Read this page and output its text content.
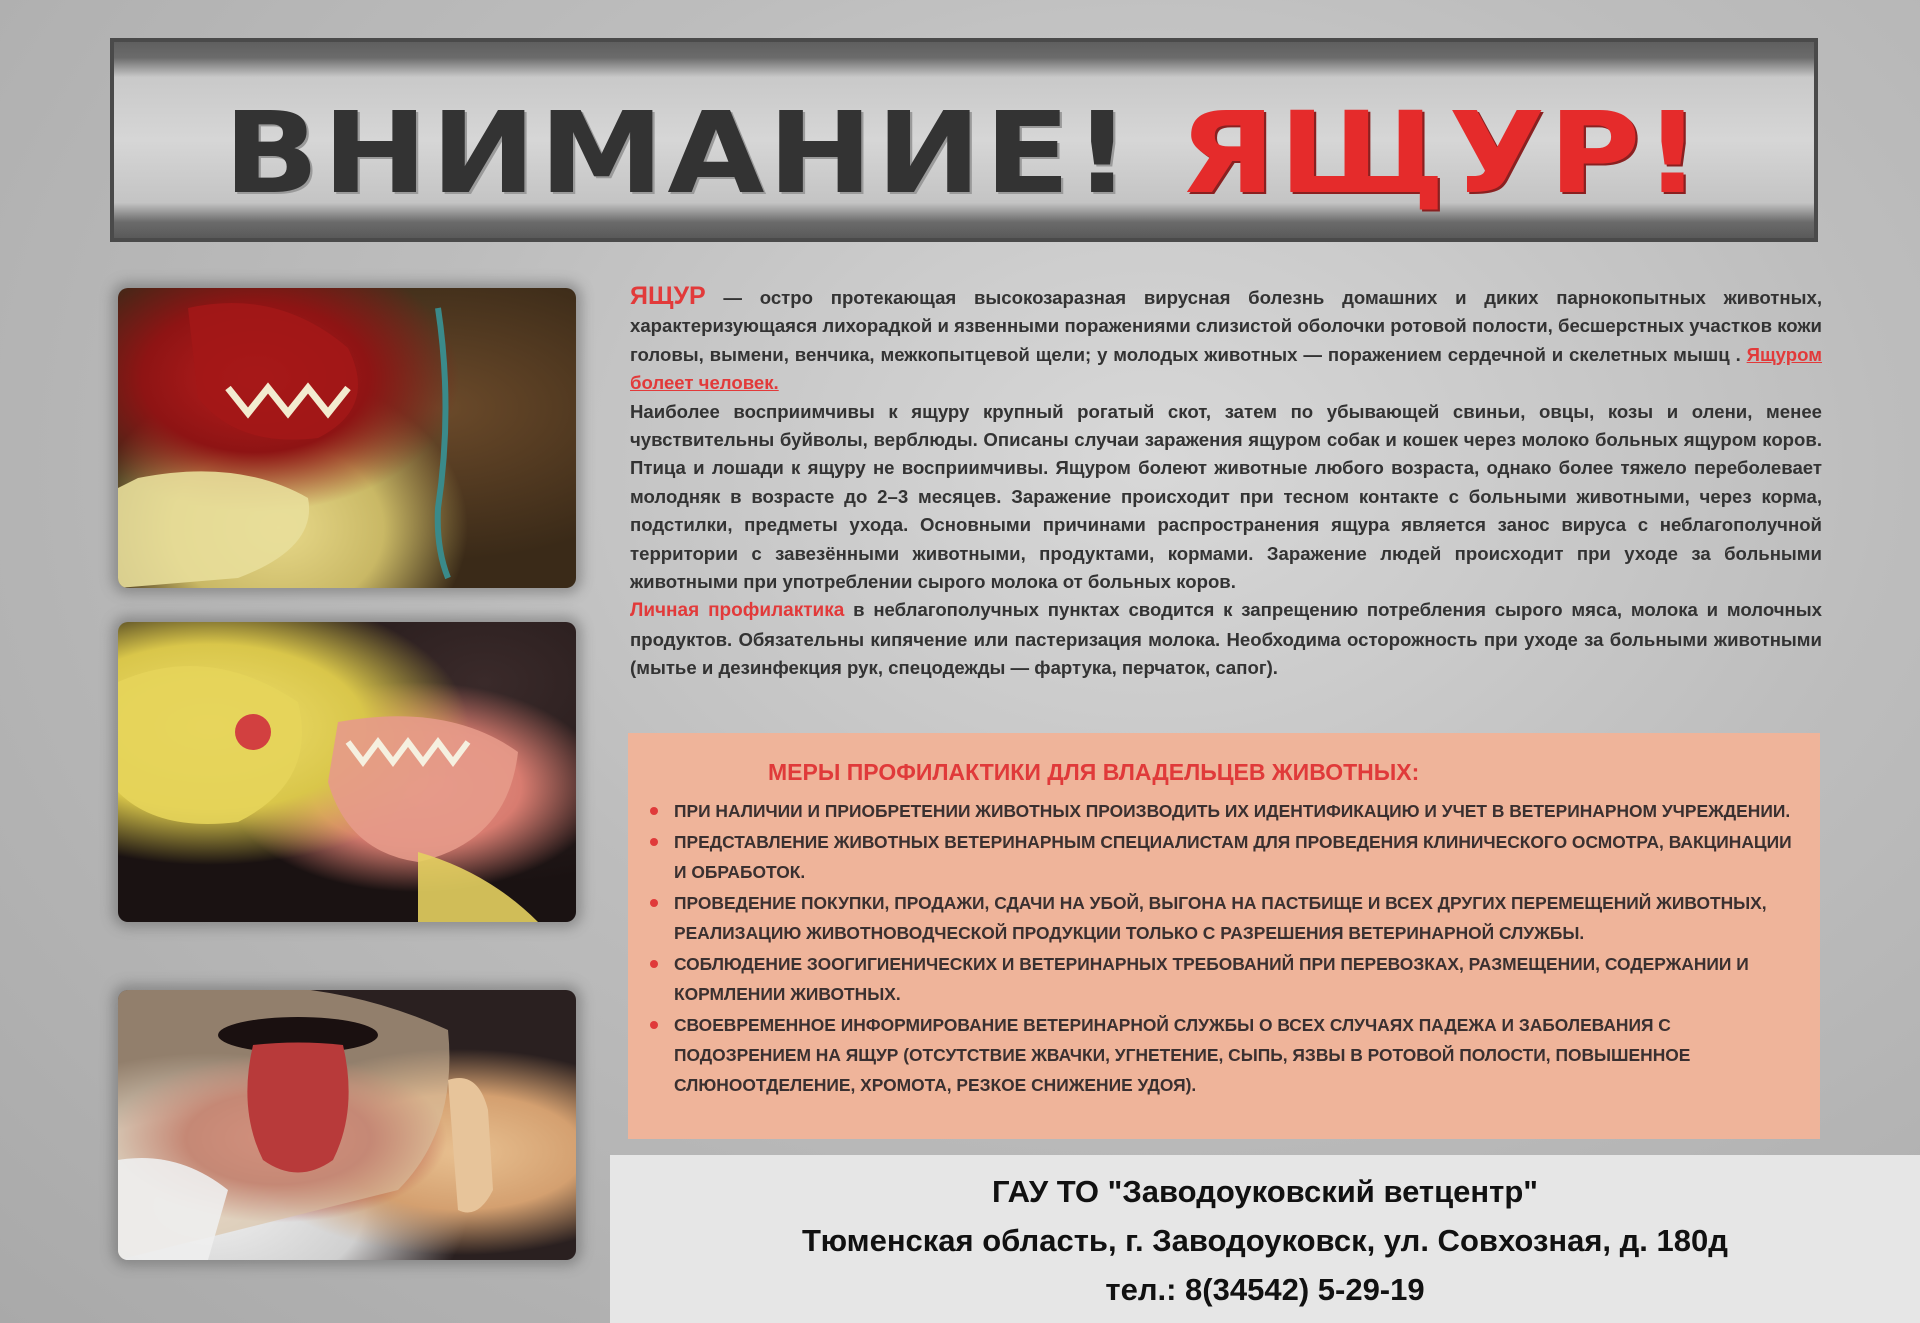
ВНИМАНИЕ! ЯЩУР!

ЯЩУР — остро протекающая высокозаразная вирусная болезнь домашних и диких парнокопытных животных, характеризующаяся лихорадкой и язвенными поражениями слизистой оболочки ротовой полости, бесшерстных участков кожи головы, вымени, венчика, межкопытцевой щели; у молодых животных — поражением сердечной и скелетных мышц . Ящуром болеет человек.

Наиболее восприимчивы к ящуру крупный рогатый скот, затем по убывающей свиньи, овцы, козы и олени, менее чувствительны буйволы, верблюды. Описаны случаи заражения ящуром собак и кошек через молоко больных ящуром коров. Птица и лошади к ящуру не восприимчивы. Ящуром болеют животные любого возраста, однако более тяжело переболевает молодняк в возрасте до 2–3 месяцев. Заражение происходит при тесном контакте с больными животными, через корма, подстилки, предметы ухода. Основными причинами распространения ящура является занос вируса с неблагополучной территории с завезёнными животными, продуктами, кормами. Заражение людей происходит при уходе за больными животными при употреблении сырого молока от больных коров.

Личная профилактика в неблагополучных пунктах сводится к запрещению потребления сырого мяса, молока и молочных продуктов. Обязательны кипячение или пастеризация молока. Необходима осторожность при уходе за больными животными (мытье и дезинфекция рук, спецодежды — фартука, перчаток, сапог).

МЕРЫ ПРОФИЛАКТИКИ ДЛЯ ВЛАДЕЛЬЦЕВ ЖИВОТНЫХ:
ПРИ НАЛИЧИИ И ПРИОБРЕТЕНИИ ЖИВОТНЫХ ПРОИЗВОДИТЬ ИХ ИДЕНТИФИКАЦИЮ И УЧЕТ В ВЕТЕРИНАРНОМ УЧРЕЖДЕНИИ.
ПРЕДСТАВЛЕНИЕ ЖИВОТНЫХ ВЕТЕРИНАРНЫМ СПЕЦИАЛИСТАМ ДЛЯ ПРОВЕДЕНИЯ КЛИНИЧЕСКОГО ОСМОТРА, ВАКЦИНАЦИИ И ОБРАБОТОК.
ПРОВЕДЕНИЕ ПОКУПКИ, ПРОДАЖИ, СДАЧИ НА УБОЙ, ВЫГОНА НА ПАСТБИЩЕ И ВСЕХ ДРУГИХ ПЕРЕМЕЩЕНИЙ ЖИВОТНЫХ, РЕАЛИЗАЦИЮ ЖИВОТНОВОДЧЕСКОЙ ПРОДУКЦИИ ТОЛЬКО С РАЗРЕШЕНИЯ ВЕТЕРИНАРНОЙ СЛУЖБЫ.
СОБЛЮДЕНИЕ ЗООГИГИЕНИЧЕСКИХ И ВЕТЕРИНАРНЫХ ТРЕБОВАНИЙ ПРИ ПЕРЕВОЗКАХ, РАЗМЕЩЕНИИ, СОДЕРЖАНИИ И КОРМЛЕНИИ ЖИВОТНЫХ.
СВОЕВРЕМЕННОЕ ИНФОРМИРОВАНИЕ ВЕТЕРИНАРНОЙ СЛУЖБЫ О ВСЕХ СЛУЧАЯХ ПАДЕЖА И ЗАБОЛЕВАНИЯ С ПОДОЗРЕНИЕМ НА ЯЩУР (ОТСУТСТВИЕ ЖВАЧКИ, УГНЕТЕНИЕ, СЫПЬ, ЯЗВЫ В РОТОВОЙ ПОЛОСТИ, ПОВЫШЕННОЕ СЛЮНООТДЕЛЕНИЕ, ХРОМОТА, РЕЗКОЕ СНИЖЕНИЕ УДОЯ).
ГАУ ТО "Заводоуковский ветцентр"
Тюменская область, г. Заводоуковск, ул. Совхозная, д. 180д
тел.: 8(34542) 5-29-19
